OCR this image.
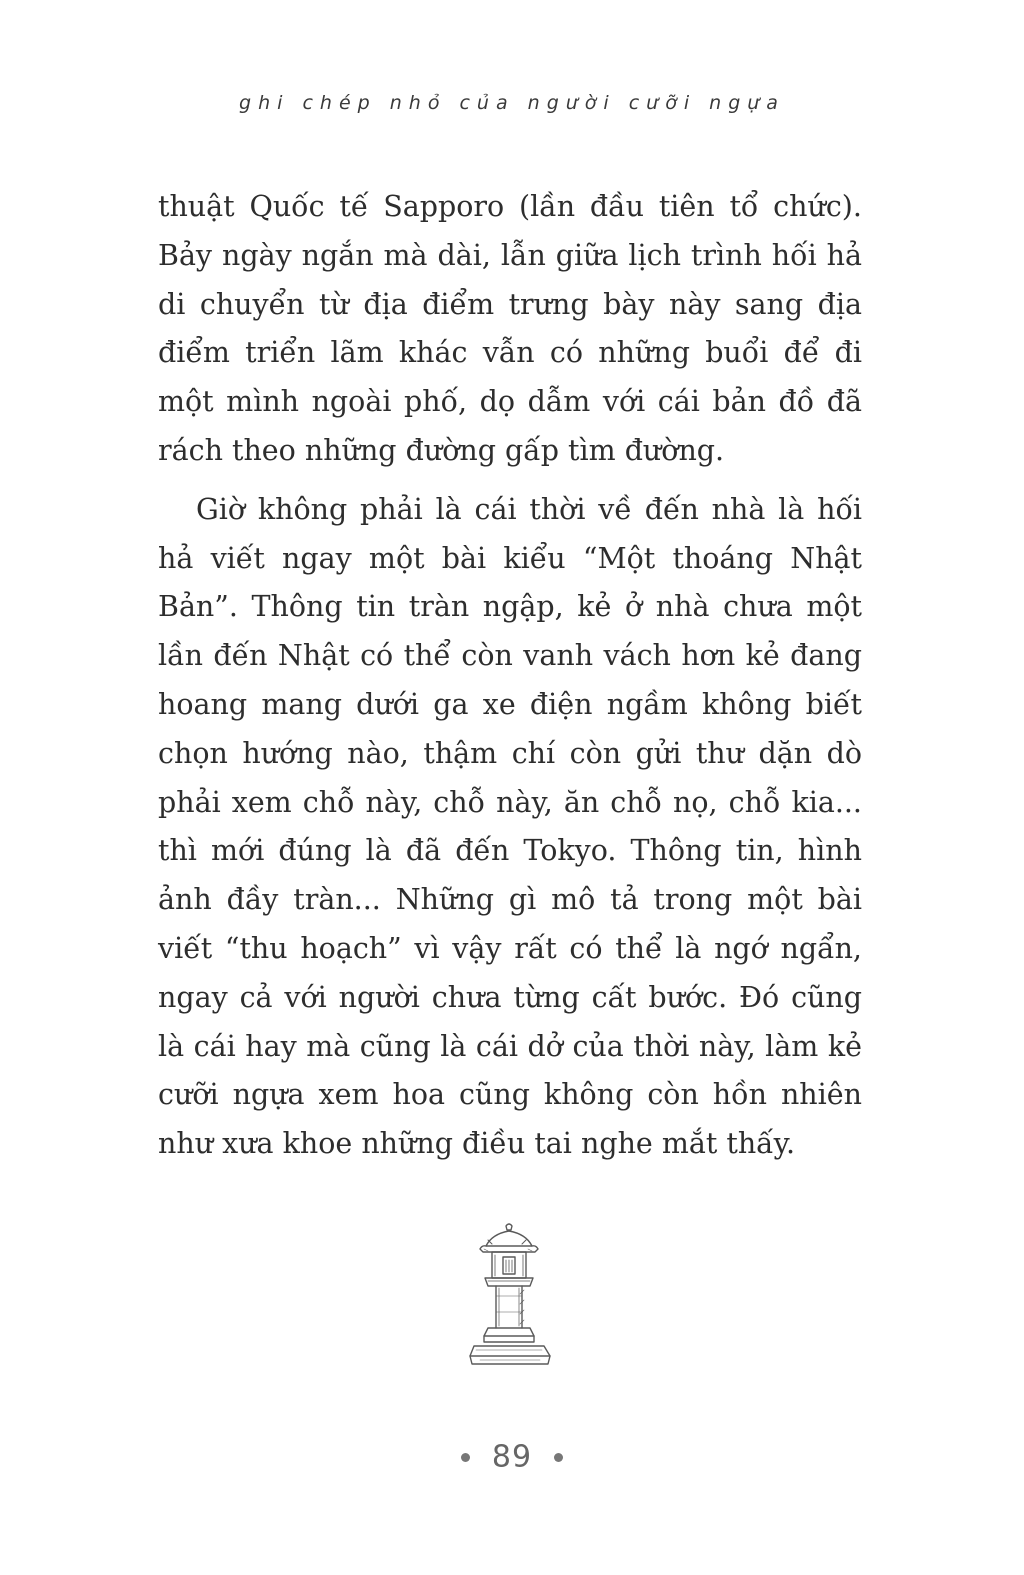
ghi chép nhỏ của người cưỡi ngựa

thuật Quốc tế Sapporo (lần đầu tiên tổ chức). Bảy ngày ngắn mà dài, lẫn giữa lịch trình hối hả di chuyển từ địa điểm trưng bày này sang địa điểm triển lãm khác vẫn có những buổi để đi một mình ngoài phố, dọ dẫm với cái bản đồ đã rách theo những đường gấp tìm đường.

Giờ không phải là cái thời về đến nhà là hối hả viết ngay một bài kiểu “Một thoáng Nhật Bản”. Thông tin tràn ngập, kẻ ở nhà chưa một lần đến Nhật có thể còn vanh vách hơn kẻ đang hoang mang dưới ga xe điện ngầm không biết chọn hướng nào, thậm chí còn gửi thư dặn dò phải xem chỗ này, chỗ này, ăn chỗ nọ, chỗ kia... thì mới đúng là đã đến Tokyo. Thông tin, hình ảnh đầy tràn... Những gì mô tả trong một bài viết “thu hoạch” vì vậy rất có thể là ngớ ngẩn, ngay cả với người chưa từng cất bước. Đó cũng là cái hay mà cũng là cái dở của thời này, làm kẻ cưỡi ngựa xem hoa cũng không còn hồn nhiên như xưa khoe những điều tai nghe mắt thấy.

89
